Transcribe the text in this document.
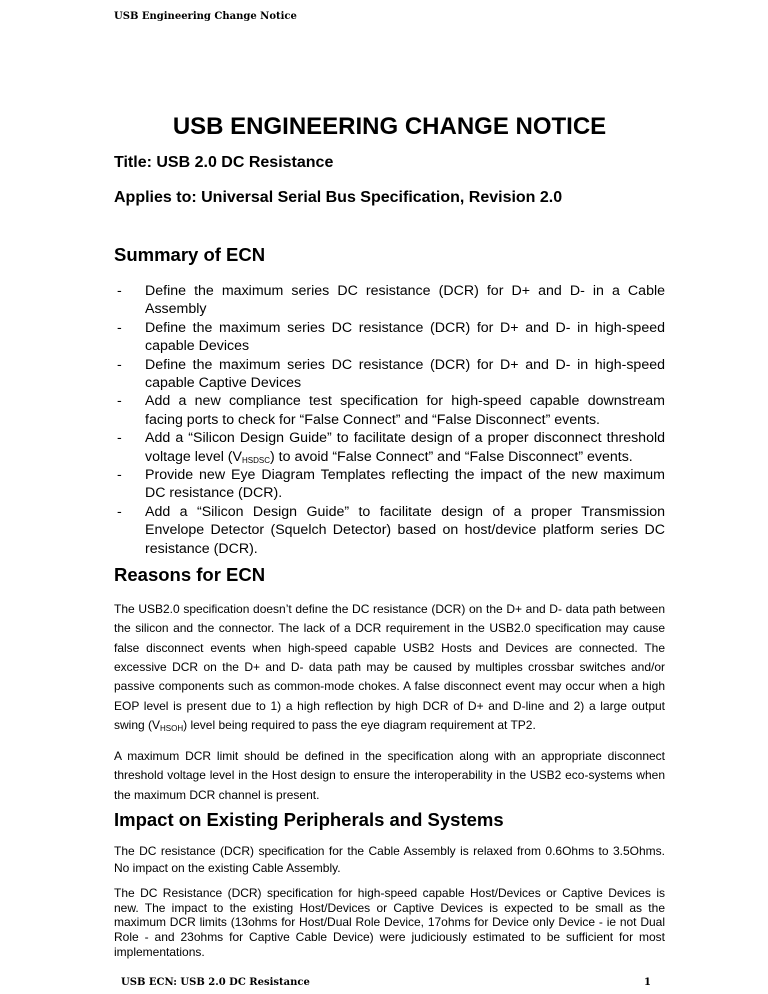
USB Engineering Change Notice
USB ENGINEERING CHANGE NOTICE
Title: USB 2.0 DC Resistance
Applies to: Universal Serial Bus Specification, Revision 2.0
Summary of ECN
- Define the maximum series DC resistance (DCR) for D+ and D- in a Cable Assembly
- Define the maximum series DC resistance (DCR) for D+ and D- in high-speed capable Devices
- Define the maximum series DC resistance (DCR) for D+ and D- in high-speed capable Captive Devices
- Add a new compliance test specification for high-speed capable downstream facing ports to check for “False Connect” and “False Disconnect” events.
- Add a “Silicon Design Guide” to facilitate design of a proper disconnect threshold voltage level $(V_{HSDSC})$ to avoid “False Connect” and “False Disconnect” events.
- Provide new Eye Diagram Templates reflecting the impact of the new maximum DC resistance (DCR).
- Add a “Silicon Design Guide” to facilitate design of a proper Transmission Envelope Detector (Squelch Detector) based on host/device platform series DC resistance (DCR).
Reasons for ECN
The USB2.0 specification doesn’t define the DC resistance (DCR) on the D+ and D- data path between the silicon and the connector. The lack of a DCR requirement in the USB2.0 specification may cause false disconnect events when high-speed capable USB2 Hosts and Devices are connected. The excessive DCR on the D+ and D- data path may be caused by multiples crossbar switches and/or passive components such as common-mode chokes. A false disconnect event may occur when a high EOP level is present due to 1) a high reflection by high DCR of D+ and D-line and 2) a large output swing $(V_{HSOH})$ level being required to pass the eye diagram requirement at TP2.
A maximum DCR limit should be defined in the specification along with an appropriate disconnect threshold voltage level in the Host design to ensure the interoperability in the USB2 eco-systems when the maximum DCR channel is present.
Impact on Existing Peripherals and Systems
The DC resistance (DCR) specification for the Cable Assembly is relaxed from 0.6Ohms to 3.5Ohms. No impact on the existing Cable Assembly.
The DC Resistance (DCR) specification for high-speed capable Host/Devices or Captive Devices is new. The impact to the existing Host/Devices or Captive Devices is expected to be small as the maximum DCR limits (13ohms for Host/Dual Role Device, 17ohms for Device only Device - ie not Dual Role - and 23ohms for Captive Cable Device) were judiciously estimated to be sufficient for most implementations.
USB ECN: USB 2.0 DC Resistance	1
